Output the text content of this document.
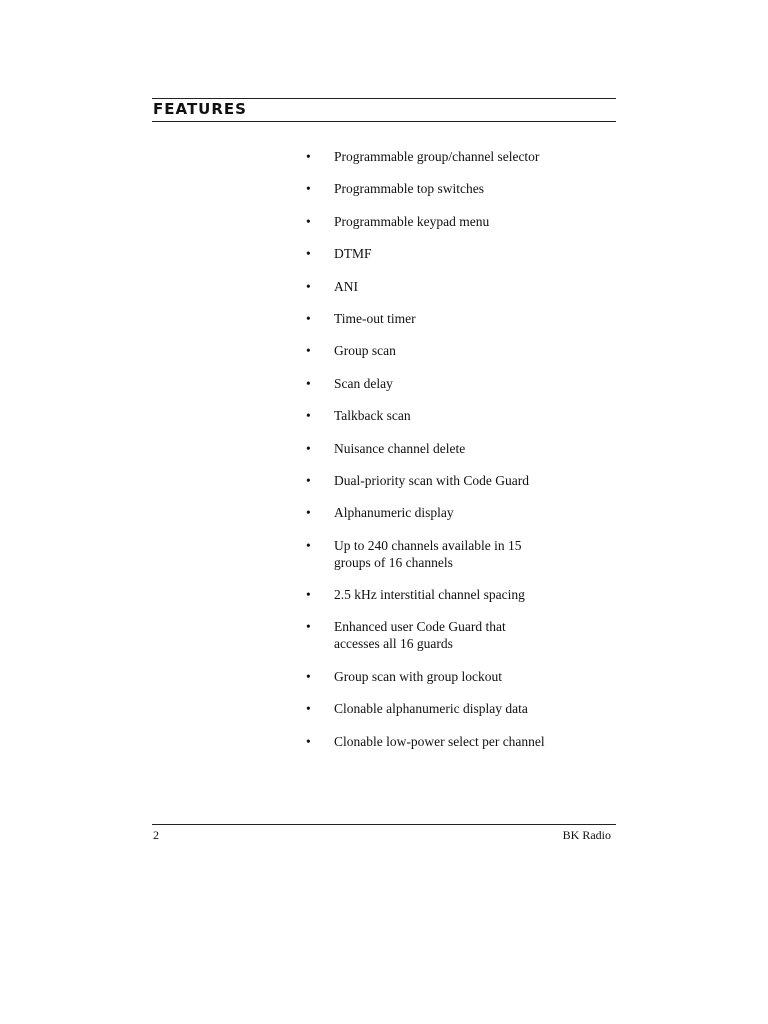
FEATURES
• Programmable group/channel selector
• Programmable top switches
• Programmable keypad menu
• DTMF
• ANI
• Time-out timer
• Group scan
• Scan delay
• Talkback scan
• Nuisance channel delete
• Dual-priority scan with Code Guard
• Alphanumeric display
• Up to 240 channels available in 15
groups of 16 channels
• 2.5 kHz interstitial channel spacing
• Enhanced user Code Guard that
accesses all 16 guards
• Group scan with group lockout
• Clonable alphanumeric display data
• Clonable low-power select per channel
2	BK Radio
